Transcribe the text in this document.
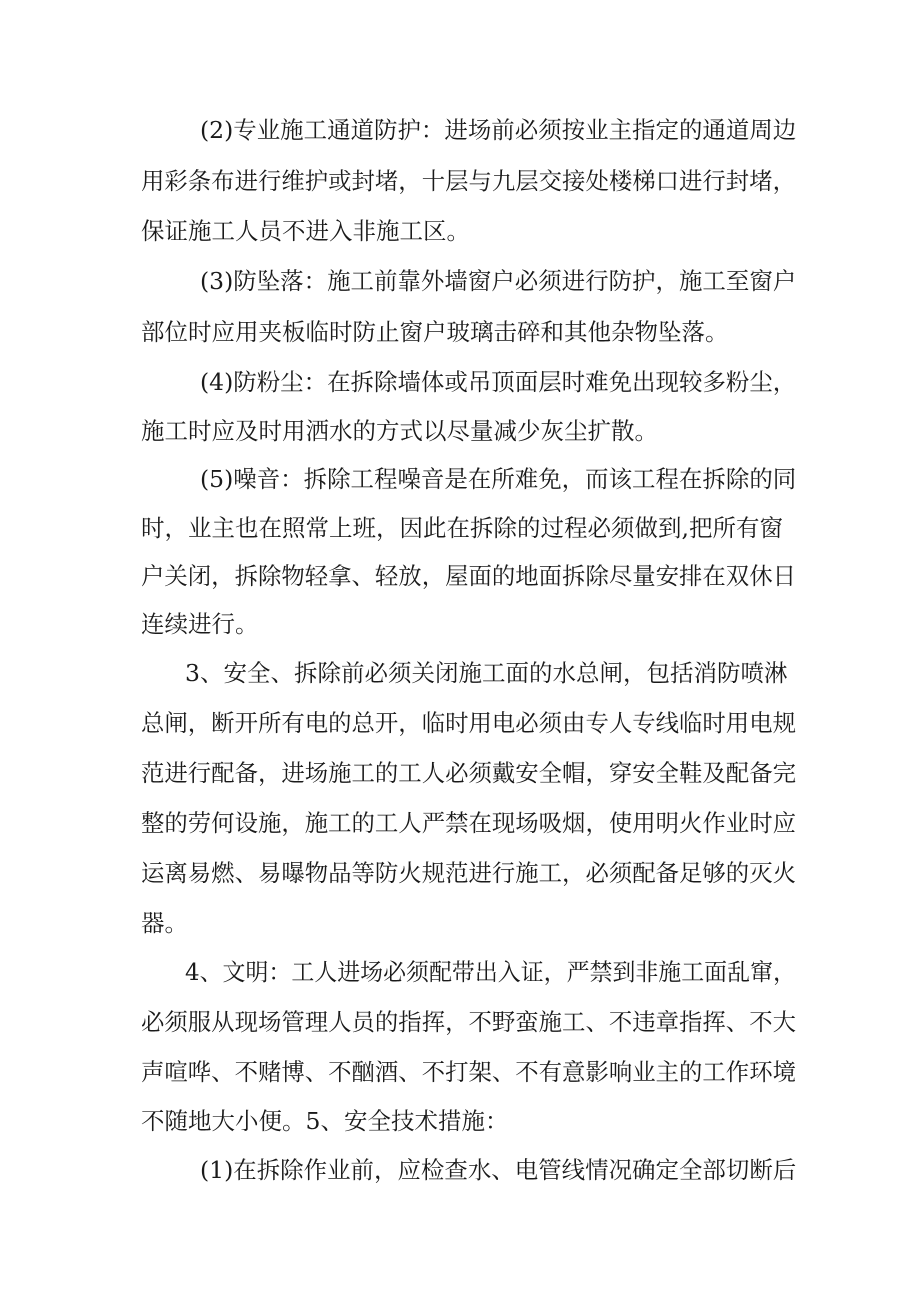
(2)专业施工通道防护：进场前必须按业主指定的通道周边
用彩条布进行维护或封堵，十层与九层交接处楼梯口进行封堵，
保证施工人员不进入非施工区。
(3)防坠落：施工前靠外墙窗户必须进行防护，施工至窗户
部位时应用夹板临时防止窗户玻璃击碎和其他杂物坠落。
(4)防粉尘：在拆除墙体或吊顶面层时难免出现较多粉尘，
施工时应及时用洒水的方式以尽量减少灰尘扩散。
(5)噪音：拆除工程噪音是在所难免，而该工程在拆除的同
时，业主也在照常上班，因此在拆除的过程必须做到,把所有窗
户关闭，拆除物轻拿、轻放，屋面的地面拆除尽量安排在双休日
连续进行。
3、安全、拆除前必须关闭施工面的水总闸，包括消防喷淋
总闸，断开所有电的总开，临时用电必须由专人专线临时用电规
范进行配备，进场施工的工人必须戴安全帽，穿安全鞋及配备完
整的劳何设施，施工的工人严禁在现场吸烟，使用明火作业时应
运离易燃、易曝物品等防火规范进行施工，必须配备足够的灭火
器。
4、文明：工人进场必须配带出入证，严禁到非施工面乱窜，
必须服从现场管理人员的指挥，不野蛮施工、不违章指挥、不大
声喧哗、不赌博、不酗酒、不打架、不有意影响业主的工作环境
不随地大小便。5、安全技术措施：
(1)在拆除作业前，应检查水、电管线情况确定全部切断后
